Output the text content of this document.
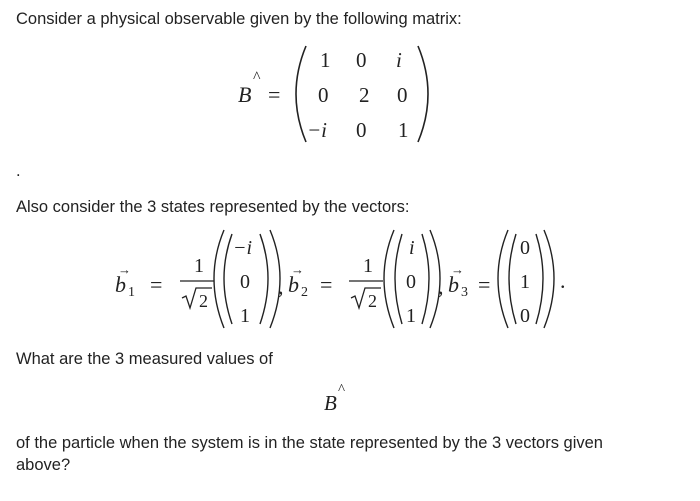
Consider a physical observable given by the following matrix:
B
^
=
1 0 i
0 2 0
−i 0 1
.
Also consider the 3 states represented by the vectors:
b 1
→
=
1
2
−i
0
1
, b 2
→
=
1
2
i
0
1
, b 3
→
=
0
1
0
.
What are the 3 measured values of
B
^
of the particle when the system is in the state represented by the 3 vectors given above?
